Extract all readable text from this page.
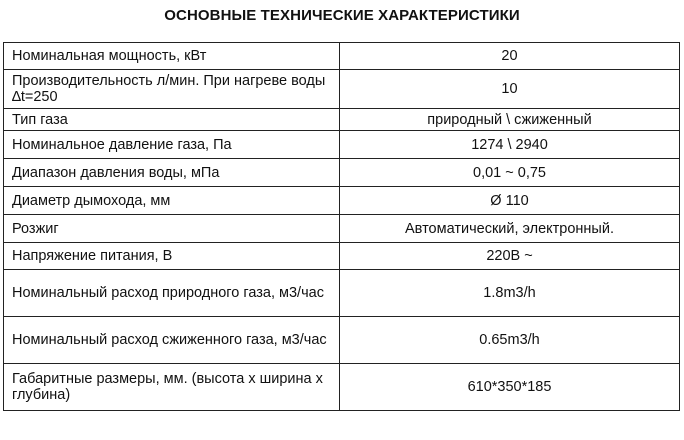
ОСНОВНЫЕ ТЕХНИЧЕСКИЕ ХАРАКТЕРИСТИКИ
Номинальная мощность, кВт	20
Производительность л/мин. При нагреве воды ∆t=250	10
Тип газа	природный \ сжиженный
Номинальное давление газа, Па	1274 \ 2940
Диапазон давления воды, мПа	0,01 ~ 0,75
Диаметр дымохода, мм	Ø 110
Розжиг	Автоматический, электронный.
Напряжение питания, В	220В ~
Номинальный расход природного газа, м3/час	1.8m3/h
Номинальный расход сжиженного газа, м3/час	0.65m3/h
Габаритные размеры, мм. (высота х ширина х глубина)	610*350*185
